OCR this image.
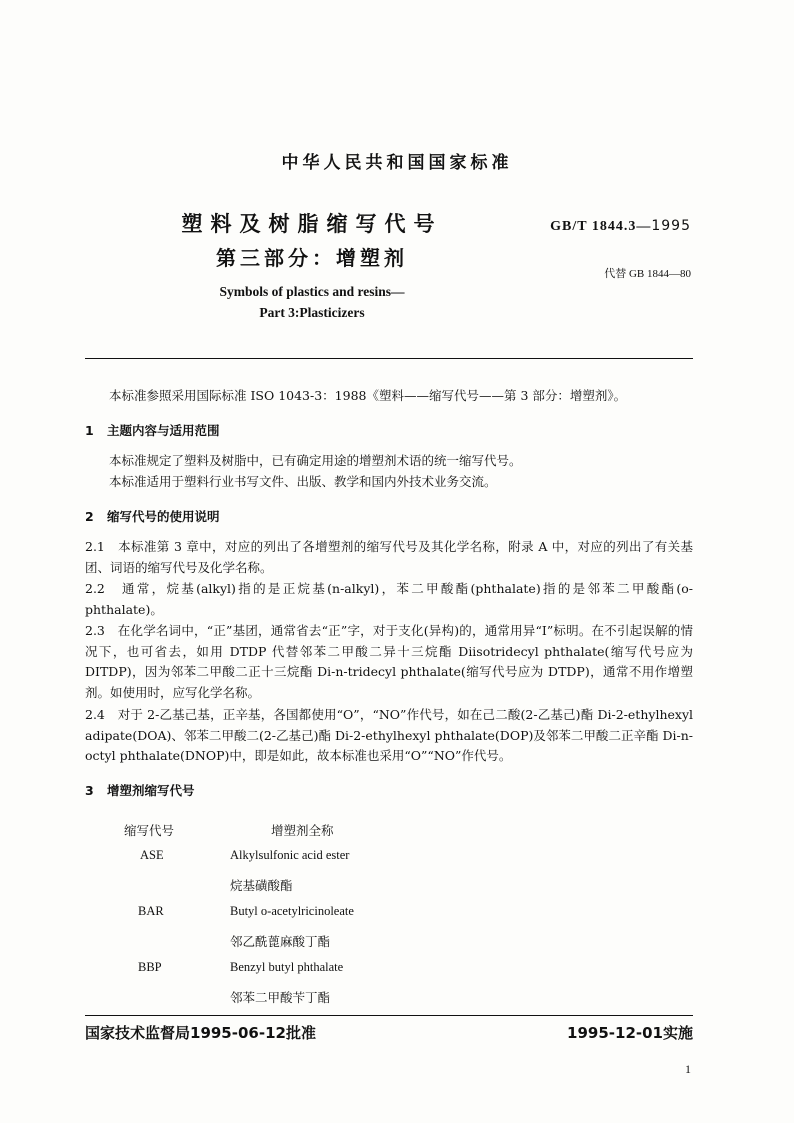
中华人民共和国国家标准
塑料及树脂缩写代号
第三部分：增塑剂
GB/T 1844.3—1995
代替 GB 1844—80
Symbols of plastics and resins—
Part 3:Plasticizers
本标准参照采用国际标准 ISO 1043-3：1988《塑料——缩写代号——第 3 部分：增塑剂》。
1 主题内容与适用范围
本标准规定了塑料及树脂中，已有确定用途的增塑剂术语的统一缩写代号。
本标准适用于塑料行业书写文件、出版、教学和国内外技术业务交流。
2 缩写代号的使用说明
2.1　本标准第 3 章中，对应的列出了各增塑剂的缩写代号及其化学名称，附录 A 中，对应的列出了有关基团、词语的缩写代号及化学名称。
2.2　通常，烷基(alkyl)指的是正烷基(n-alkyl)，苯二甲酸酯(phthalate)指的是邻苯二甲酸酯(o-phthalate)。
2.3　在化学名词中，“正”基团，通常省去“正”字，对于支化(异构)的，通常用异“I”标明。在不引起误解的情况下，也可省去，如用 DTDP 代替邻苯二甲酸二异十三烷酯 Diisotridecyl phthalate(缩写代号应为 DITDP)，因为邻苯二甲酸二正十三烷酯 Di-n-tridecyl phthalate(缩写代号应为 DTDP)，通常不用作增塑剂。如使用时，应写化学名称。
2.4　对于 2-乙基己基，正辛基，各国都使用“O”，“NO”作代号，如在己二酸(2-乙基己)酯 Di-2-ethylhexyl adipate(DOA)、邻苯二甲酸二(2-乙基己)酯 Di-2-ethylhexyl phthalate(DOP)及邻苯二甲酸二正辛酯 Di-n-octyl phthalate(DNOP)中，即是如此，故本标准也采用“O”“NO”作代号。
3 增塑剂缩写代号
缩写代号	增塑剂全称
ASE	Alkylsulfonic acid ester
烷基磺酸酯
BAR	Butyl o-acetylricinoleate
邻乙酰蓖麻酸丁酯
BBP	Benzyl butyl phthalate
邻苯二甲酸苄丁酯
国家技术监督局1995-06-12批准	1995-12-01实施
1
